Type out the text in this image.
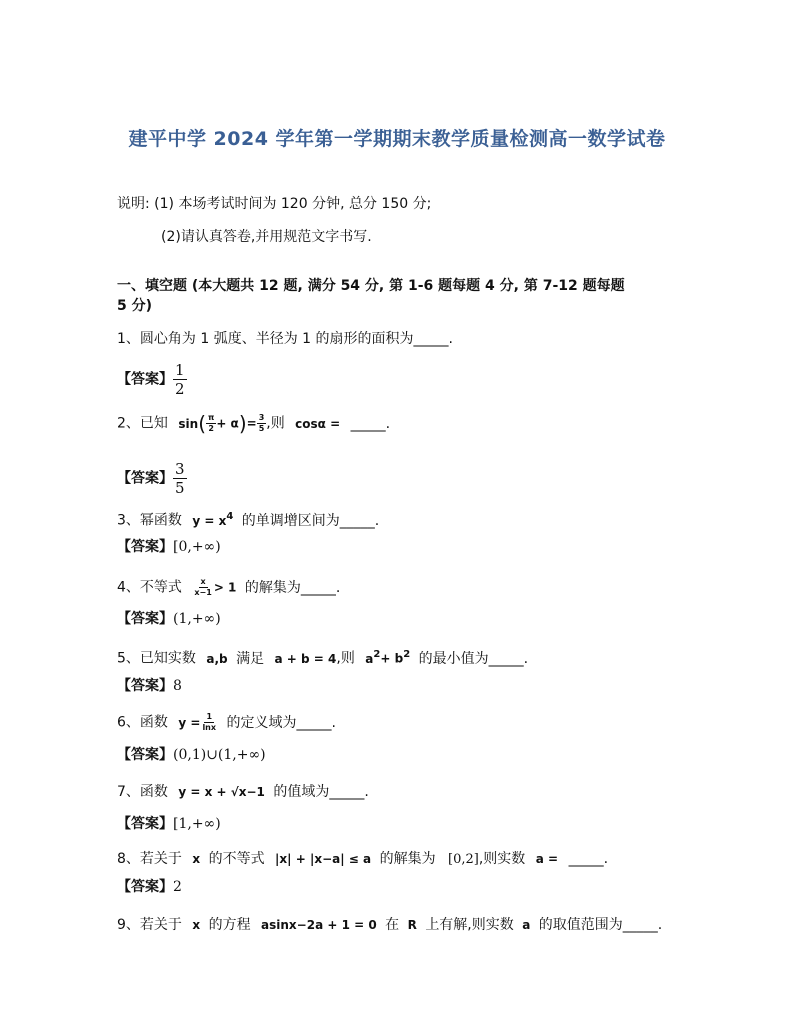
建平中学 2024 学年第一学期期末教学质量检测高一数学试卷
说明: (1) 本场考试时间为 120 分钟, 总分 150 分;
(2)请认真答卷,并用规范文字书写.
一、填空题 (本大题共 12 题, 满分 54 分, 第 1-6 题每题 4 分, 第 7-12 题每题
5 分)
1、圆心角为 1 弧度、半径为 1 的扇形的面积为_____.
【答案】 $\frac{1}{2}$
2、已知 $\sin( \frac{\pi}{2} + \alpha)= \frac{3}{5}$ ,则 cosα = _____.
【答案】 $\frac{3}{5}$
3、幂函数 $y = x^4$ 的单调增区间为_____.
【答案】[0,+∞)
4、不等式 $\frac{x}{x-1} > 1$ 的解集为_____.
【答案】(1,+∞)
5、已知实数 a,b 满足 a + b = 4,则 $a^2+ b^2$ 的最小值为_____.
【答案】8
6、函数 $y = \frac{1}{\ln x}$ 的定义域为_____.
【答案】(0,1)∪(1,+∞)
7、函数 y = x + √x−1 的值域为_____.
【答案】[1,+∞)
8、若关于 x 的不等式 |x| + |x−a| ≤ a 的解集为 [0,2],则实数 a = _____.
【答案】2
9、若关于 x 的方程 asinx−2a + 1 = 0 在 R 上有解,则实数 a 的取值范围为_____.
